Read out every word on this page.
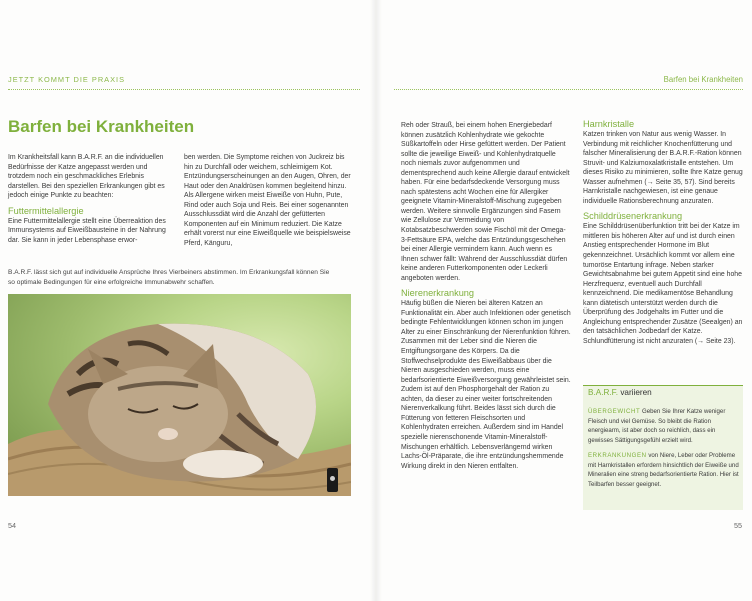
JETZT KOMMT DIE PRAXIS
Barfen bei Krankheiten

Im Krankheitsfall kann B.A.R.F. an die individuellen Bedürfnisse der Katze angepasst werden und trotzdem noch ein geschmackliches Erlebnis darstellen. Bei den speziellen Erkrankungen gibt es jedoch einige Punkte zu beachten:

Futtermittelallergie

Eine Futtermittelallergie stellt eine Überreaktion des Immunsystems auf Eiweißbausteine in der Nahrung dar. Sie kann in jeder Lebensphase erwor-

ben werden. Die Symptome reichen von Juckreiz bis hin zu Durchfall oder weichem, schleimigem Kot. Entzündungserscheinungen an den Augen, Ohren, der Haut oder den Analdrüsen kommen begleitend hinzu. Als Allergene wirken meist Eiweiße von Huhn, Pute, Rind oder auch Soja und Reis. Bei einer sogenannten Ausschlussdiät wird die Anzahl der gefütterten Komponenten auf ein Minimum reduziert. Die Katze erhält vorerst nur eine Eiweißquelle wie beispielsweise Pferd, Känguru,

B.A.R.F. lässt sich gut auf individuelle Ansprüche Ihres Vierbeiners abstimmen. Im Erkrankungsfall können Sie so optimale Bedingungen für eine erfolgreiche Immunabwehr schaffen.
54
Barfen bei Krankheiten

Reh oder Strauß, bei einem hohen Energiebedarf können zusätzlich Kohlenhydrate wie gekochte Süßkartoffeln oder Hirse gefüttert werden. Der Patient sollte die jeweilige Eiweiß- und Kohlenhydratquelle noch niemals zuvor aufgenommen und dementsprechend auch keine Allergie darauf entwickelt haben. Für eine bedarfsdeckende Versorgung muss nach spätestens acht Wochen eine für Allergiker geeignete Vitamin-Mineralstoff-Mischung zugegeben werden. Weitere sinnvolle Ergänzungen sind Fasern wie Zellulose zur Vermeidung von Kotabsatzbeschwerden sowie Fischöl mit der Omega-3-Fettsäure EPA, welche das Entzündungsgeschehen bei einer Allergie vermindern kann. Auch wenn es Ihnen schwer fällt: Während der Ausschlussdiät dürfen keine anderen Futterkomponenten oder Leckerli angeboten werden.

Nierenerkrankung

Häufig büßen die Nieren bei älteren Katzen an Funktionalität ein. Aber auch Infektionen oder genetisch bedingte Fehlentwicklungen können schon im jungen Alter zu einer Einschränkung der Nierenfunktion führen. Zusammen mit der Leber sind die Nieren die Entgiftungsorgane des Körpers. Da die Stoffwechselprodukte des Eiweißabbaus über die Nieren ausgeschieden werden, muss eine bedarfsorientierte Eiweißversorgung gewährleistet sein. Zudem ist auf den Phosphorgehalt der Ration zu achten, da dieser zu einer weiter fortschreitenden Nierenverkalkung führt. Beides lässt sich durch die Fütterung von fetteren Fleischsorten und Kohlenhydraten erreichen. Außerdem sind im Handel spezielle nierenschonende Vitamin-Mineralstoff-Mischungen erhältlich. Lebensverlängernd wirken Lachs-Öl-Präparate, die ihre entzündungshemmende Wirkung direkt in den Nieren entfalten.

Harnkristalle

Katzen trinken von Natur aus wenig Wasser. In Verbindung mit reichlicher Knochenfütterung und falscher Mineralisierung der B.A.R.F.-Ration können Struvit- und Kalziumoxalatkristalle entstehen. Um dieses Risiko zu minimieren, sollte Ihre Katze genug Wasser aufnehmen (→ Seite 35, 57). Sind bereits Harnkristalle nachgewiesen, ist eine genaue individuelle Rationsberechnung anzuraten.

Schilddrüsenerkrankung

Eine Schilddrüsenüberfunktion tritt bei der Katze im mittleren bis höheren Alter auf und ist durch einen Anstieg entsprechender Hormone im Blut gekennzeichnet. Ursächlich kommt vor allem eine tumoröse Entartung infrage. Neben starker Gewichtsabnahme bei gutem Appetit sind eine hohe Herzfrequenz, eventuell auch Durchfall kennzeichnend. Die medikamentöse Behandlung kann diätetisch unterstützt werden durch die Überprüfung des Jodgehalts im Futter und die Angleichung entsprechender Zusätze (Seealgen) an den tatsächlichen Jodbedarf der Katze. Schlundfütterung ist nicht anzuraten (→ Seite 23).

B.A.R.F. variieren

ÜBERGEWICHT Geben Sie Ihrer Katze weniger Fleisch und viel Gemüse. So bleibt die Ration energiearm, ist aber doch so reichlich, dass ein gewisses Sättigungsgefühl erzielt wird.

ERKRANKUNGEN von Niere, Leber oder Probleme mit Harnkristallen erfordern hinsichtlich der Eiweiße und Mineralien eine streng bedarfsorientierte Ration. Hier ist Teilbarfen besser geeignet.

55
